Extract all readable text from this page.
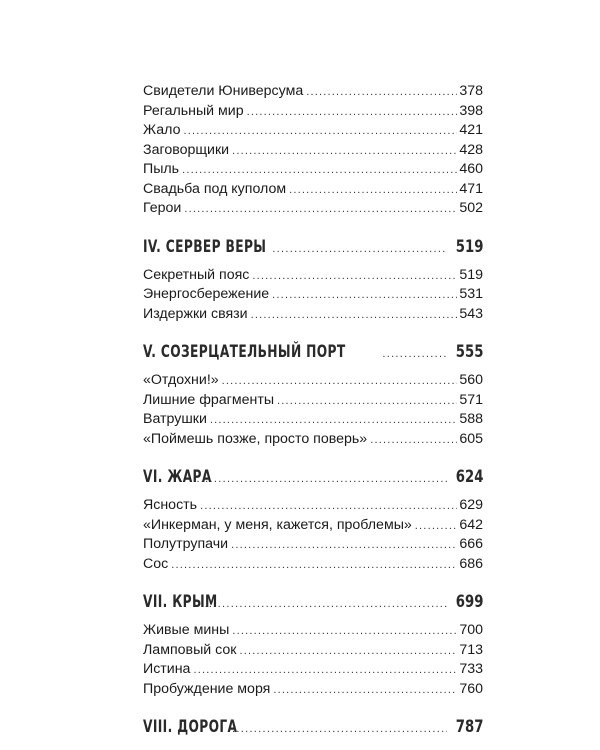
Свидетели Юниверсума .....	378
Регальный мир .....	398
Жало .....	421
Заговорщики .....	428
Пыль .....	460
Свадьба под куполом .....	471
Герои .....	502
IV. СЕРВЕР ВЕРЫ .....	519
Секретный пояс .....	519
Энергосбережение .....	531
Издержки связи .....	543
V. СОЗЕРЦАТЕЛЬНЫЙ ПОРТ .....	555
«Отдохни!» .....	560
Лишние фрагменты .....	571
Ватрушки .....	588
«Поймешь позже, просто поверь» .....	605
VI. ЖАРА .....	624
Ясность .....	629
«Инкерман, у меня, кажется, проблемы» .....	642
Полутрупачи .....	666
Сос .....	686
VII. КРЫМ .....	699
Живые мины .....	700
Ламповый сок .....	713
Истина .....	733
Пробуждение моря .....	760
VIII. ДОРОГА .....	787
